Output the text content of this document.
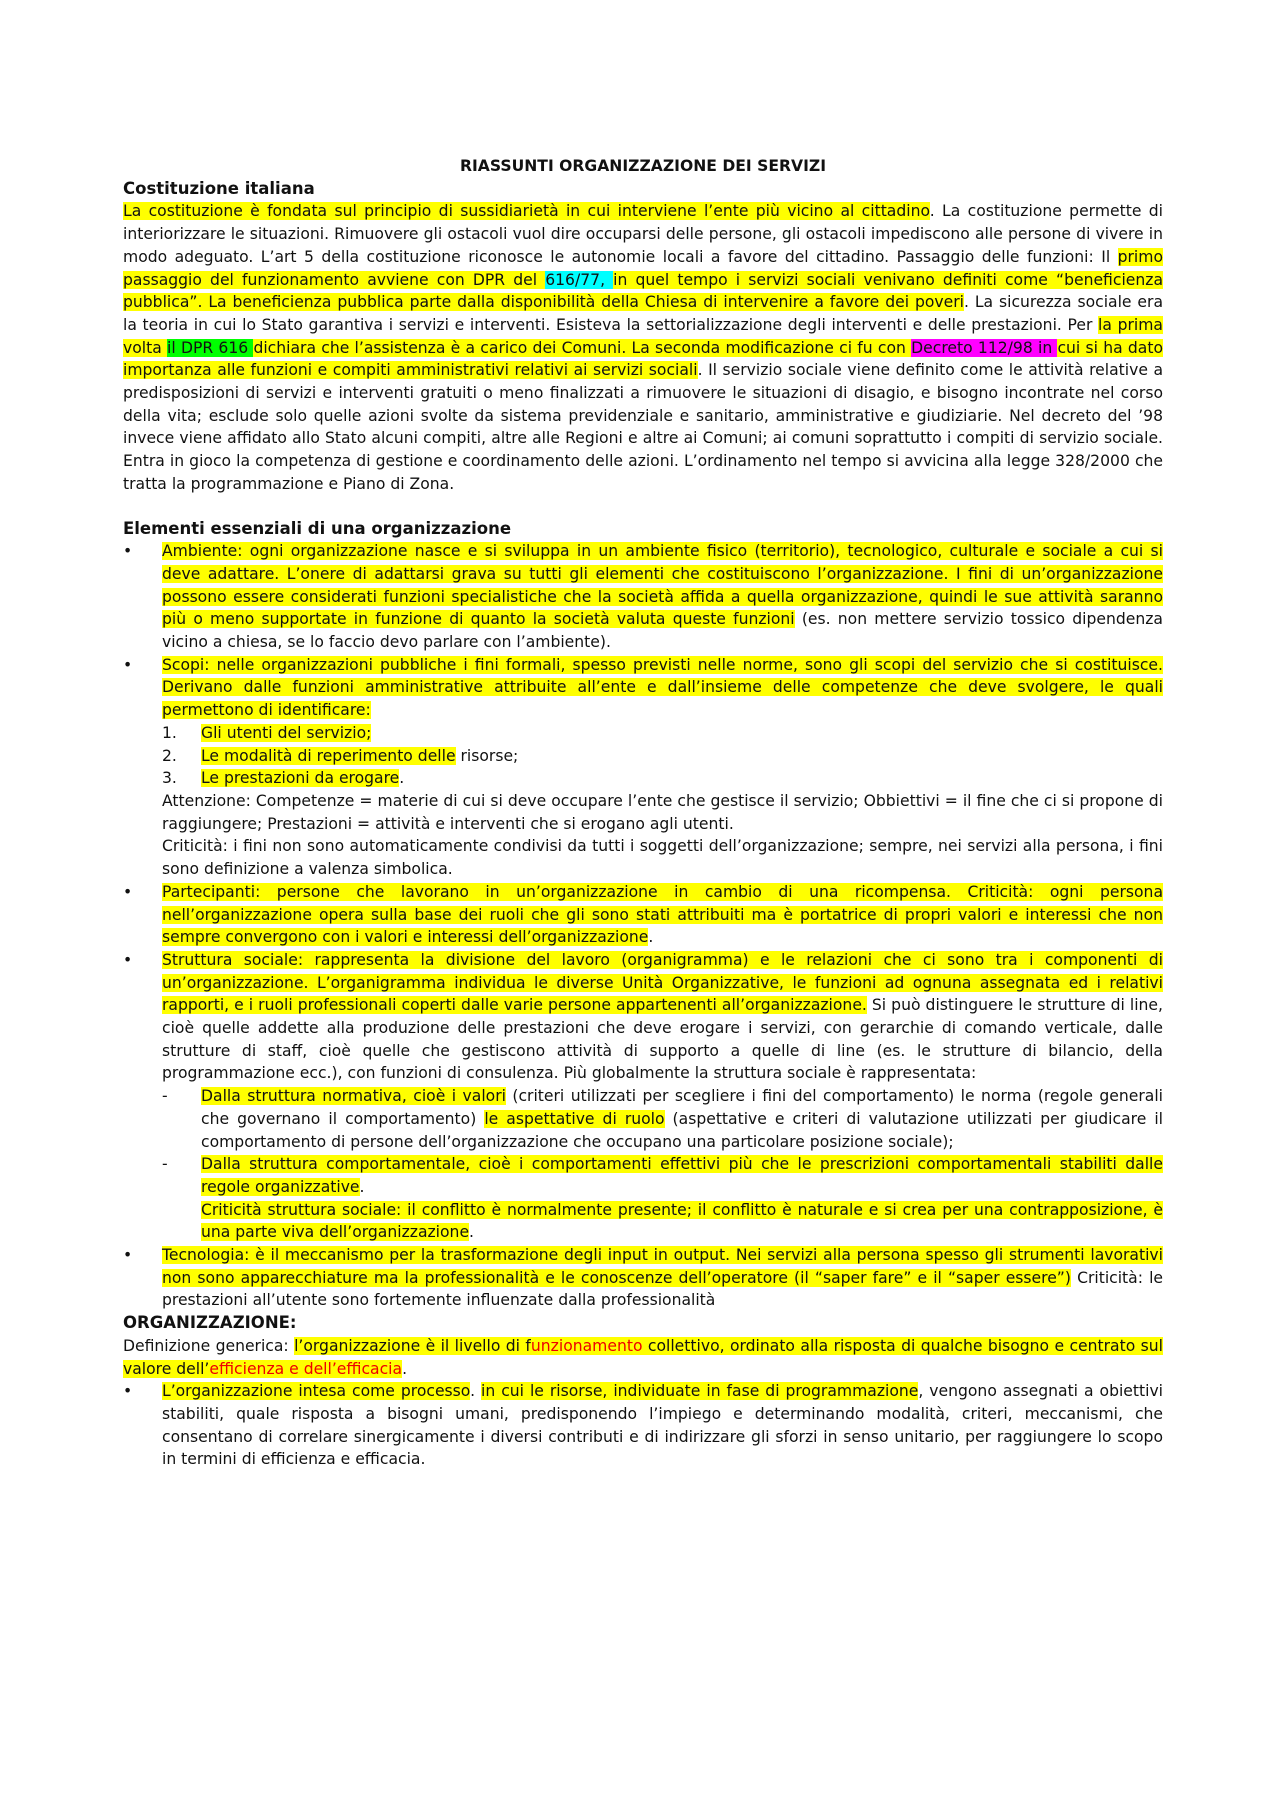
RIASSUNTI ORGANIZZAZIONE DEI SERVIZI
Costituzione italiana

La costituzione è fondata sul principio di sussidiarietà in cui interviene l’ente più vicino al cittadino. La costituzione permette di interiorizzare le situazioni. Rimuovere gli ostacoli vuol dire occuparsi delle persone, gli ostacoli impediscono alle persone di vivere in modo adeguato. L’art 5 della costituzione riconosce le autonomie locali a favore del cittadino. Passaggio delle funzioni: Il primo passaggio del funzionamento avviene con DPR del 616/77, in quel tempo i servizi sociali venivano definiti come “beneficienza pubblica”. La beneficienza pubblica parte dalla disponibilità della Chiesa di intervenire a favore dei poveri. La sicurezza sociale era la teoria in cui lo Stato garantiva i servizi e interventi. Esisteva la settorializzazione degli interventi e delle prestazioni. Per la prima volta il DPR 616 dichiara che l’assistenza è a carico dei Comuni. La seconda modificazione ci fu con Decreto 112/98 in cui si ha dato importanza alle funzioni e compiti amministrativi relativi ai servizi sociali. Il servizio sociale viene definito come le attività relative a predisposizioni di servizi e interventi gratuiti o meno finalizzati a rimuovere le situazioni di disagio, e bisogno incontrate nel corso della vita; esclude solo quelle azioni svolte da sistema previdenziale e sanitario, amministrative e giudiziarie. Nel decreto del ’98 invece viene affidato allo Stato alcuni compiti, altre alle Regioni e altre ai Comuni; ai comuni soprattutto i compiti di servizio sociale. Entra in gioco la competenza di gestione e coordinamento delle azioni. L’ordinamento nel tempo si avvicina alla legge 328/2000 che tratta la programmazione e Piano di Zona.

Elementi essenziali di una organizzazione
• Ambiente: ogni organizzazione nasce e si sviluppa in un ambiente fisico (territorio), tecnologico, culturale e sociale a cui si deve adattare. L’onere di adattarsi grava su tutti gli elementi che costituiscono l’organizzazione. I fini di un’organizzazione possono essere considerati funzioni specialistiche che la società affida a quella organizzazione, quindi le sue attività saranno più o meno supportate in funzione di quanto la società valuta queste funzioni (es. non mettere servizio tossico dipendenza vicino a chiesa, se lo faccio devo parlare con l’ambiente).
• Scopi: nelle organizzazioni pubbliche i fini formali, spesso previsti nelle norme, sono gli scopi del servizio che si costituisce. Derivano dalle funzioni amministrative attribuite all’ente e dall’insieme delle competenze che deve svolgere, le quali permettono di identificare:
1. Gli utenti del servizio;
2. Le modalità di reperimento delle risorse;
3. Le prestazioni da erogare.
Attenzione: Competenze = materie di cui si deve occupare l’ente che gestisce il servizio; Obbiettivi = il fine che ci si propone di raggiungere; Prestazioni = attività e interventi che si erogano agli utenti.
Criticità: i fini non sono automaticamente condivisi da tutti i soggetti dell’organizzazione; sempre, nei servizi alla persona, i fini sono definizione a valenza simbolica.
• Partecipanti: persone che lavorano in un’organizzazione in cambio di una ricompensa. Criticità: ogni persona nell’organizzazione opera sulla base dei ruoli che gli sono stati attribuiti ma è portatrice di propri valori e interessi che non sempre convergono con i valori e interessi dell’organizzazione.
• Struttura sociale: rappresenta la divisione del lavoro (organigramma) e le relazioni che ci sono tra i componenti di un’organizzazione. L’organigramma individua le diverse Unità Organizzative, le funzioni ad ognuna assegnata ed i relativi rapporti, e i ruoli professionali coperti dalle varie persone appartenenti all’organizzazione. Si può distinguere le strutture di line, cioè quelle addette alla produzione delle prestazioni che deve erogare i servizi, con gerarchie di comando verticale, dalle strutture di staff, cioè quelle che gestiscono attività di supporto a quelle di line (es. le strutture di bilancio, della programmazione ecc.), con funzioni di consulenza. Più globalmente la struttura sociale è rappresentata:
- Dalla struttura normativa, cioè i valori (criteri utilizzati per scegliere i fini del comportamento) le norma (regole generali che governano il comportamento) le aspettative di ruolo (aspettative e criteri di valutazione utilizzati per giudicare il comportamento di persone dell’organizzazione che occupano una particolare posizione sociale);
- Dalla struttura comportamentale, cioè i comportamenti effettivi più che le prescrizioni comportamentali stabiliti dalle regole organizzative.
Criticità struttura sociale: il conflitto è normalmente presente; il conflitto è naturale e si crea per una contrapposizione, è una parte viva dell’organizzazione.
• Tecnologia: è il meccanismo per la trasformazione degli input in output. Nei servizi alla persona spesso gli strumenti lavorativi non sono apparecchiature ma la professionalità e le conoscenze dell’operatore (il “saper fare” e il “saper essere”) Criticità: le prestazioni all’utente sono fortemente influenzate dalla professionalità
ORGANIZZAZIONE:

Definizione generica: l’organizzazione è il livello di funzionamento collettivo, ordinato alla risposta di qualche bisogno e centrato sul valore dell’efficienza e dell’efficacia.

• L’organizzazione intesa come processo. in cui le risorse, individuate in fase di programmazione, vengono assegnati a obiettivi stabiliti, quale risposta a bisogni umani, predisponendo l’impiego e determinando modalità, criteri, meccanismi, che consentano di correlare sinergicamente i diversi contributi e di indirizzare gli sforzi in senso unitario, per raggiungere lo scopo in termini di efficienza e efficacia.
